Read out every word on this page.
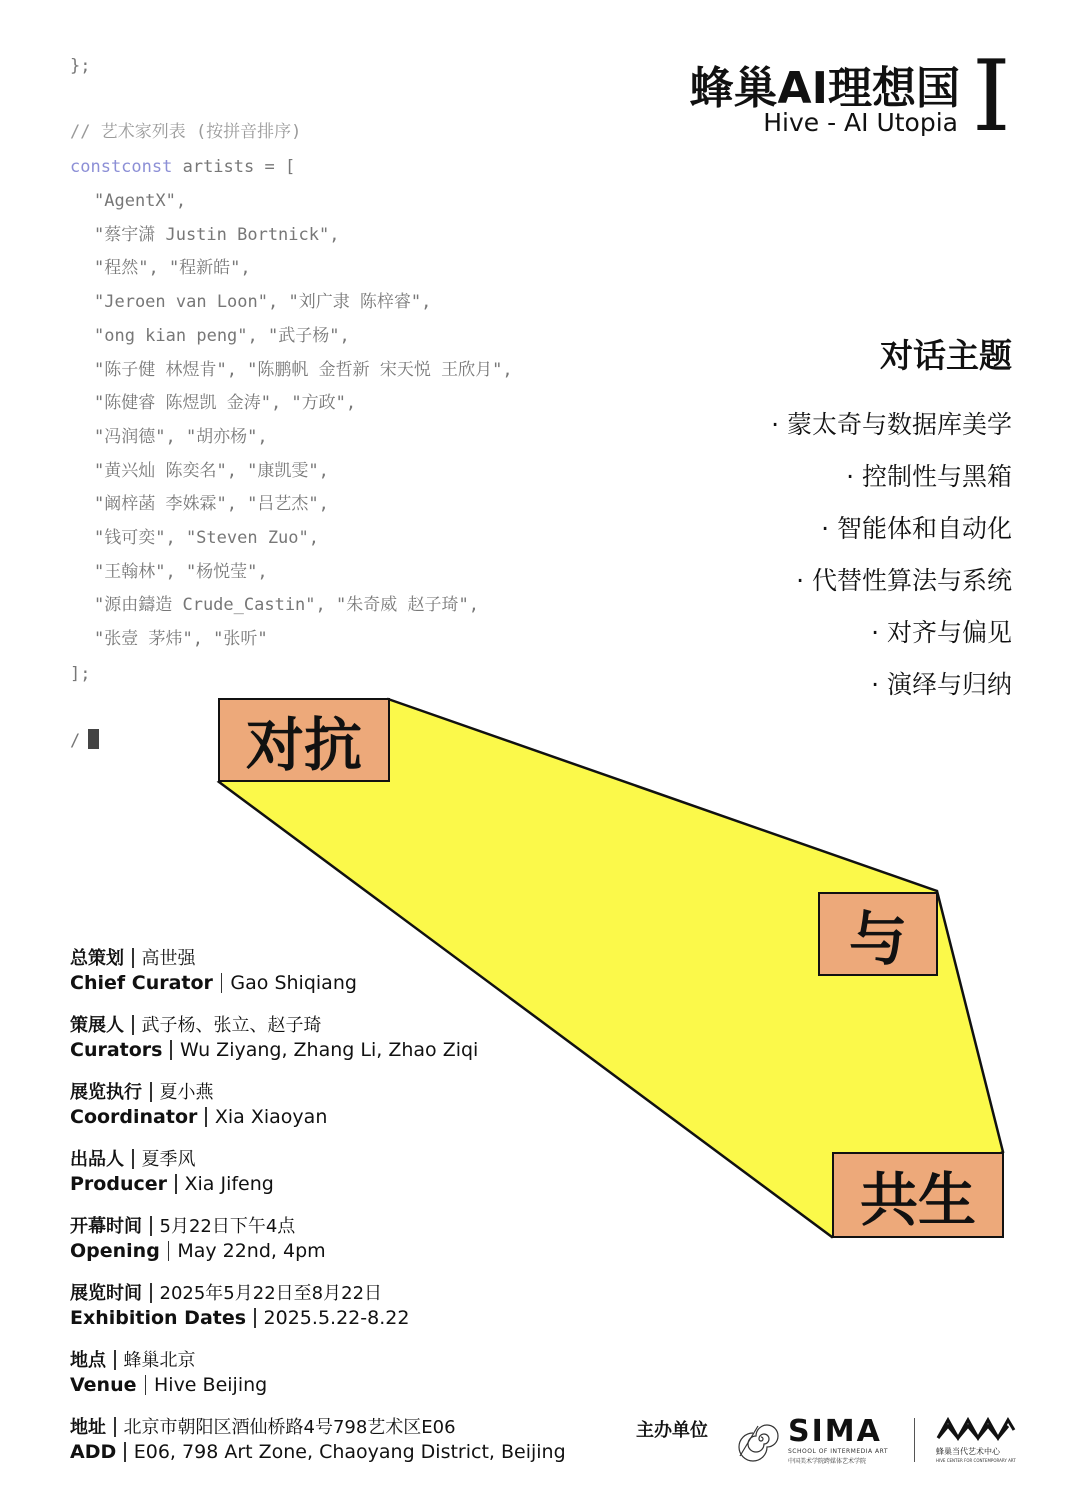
};

// 艺术家列表 (按拼音排序)

constconst artists = [

"AgentX",
"蔡宇潇 Justin Bortnick",
"程然", "程新皓",
"Jeroen van Loon", "刘广隶 陈梓睿",
"ong kian peng", "武子杨",
"陈子健 林煜肯", "陈鹏帆 金哲新 宋天悦 王欣月",
"陈健睿 陈煜凯 金涛", "方政",
"冯润德", "胡亦杨",
"黄兴灿 陈奕名", "康凯雯",
"阚梓菡 李姝霖", "吕艺杰",
"钱可奕", "Steven Zuo",
"王翰林", "杨悦莹",
"源由鑄造 Crude_Castin", "朱奇威 赵子琦",
"张壹 茅炜", "张听"

];

/

蜂巢AI理想国
Hive - AI Utopia I
对话主题
· 蒙太奇与数据库美学
· 控制性与黑箱
· 智能体和自动化
· 代替性算法与系统
· 对齐与偏见
· 演绎与归纳
对抗
与
共生
总策划 高世强
Chief Curator Gao Shiqiang
策展人 武子杨、张立、赵子琦
Curators Wu Ziyang, Zhang Li, Zhao Ziqi
展览执行 夏小燕
Coordinator Xia Xiaoyan
出品人 夏季风
Producer Xia Jifeng
开幕时间 5月22日下午4点
Opening May 22nd, 4pm
展览时间 2025年5月22日至8月22日
Exhibition Dates 2025.5.22-8.22
地点 蜂巢北京
Venue Hive Beijing
地址 北京市朝阳区酒仙桥路4号798艺术区E06
ADD E06, 798 Art Zone, Chaoyang District, Beijing
主办单位	SIMA
SCHOOL OF INTERMEDIA ART
中国美术学院跨媒体艺术学院
蜂巢当代艺术中心
HIVE CENTER FOR CONTEMPORARY ART
